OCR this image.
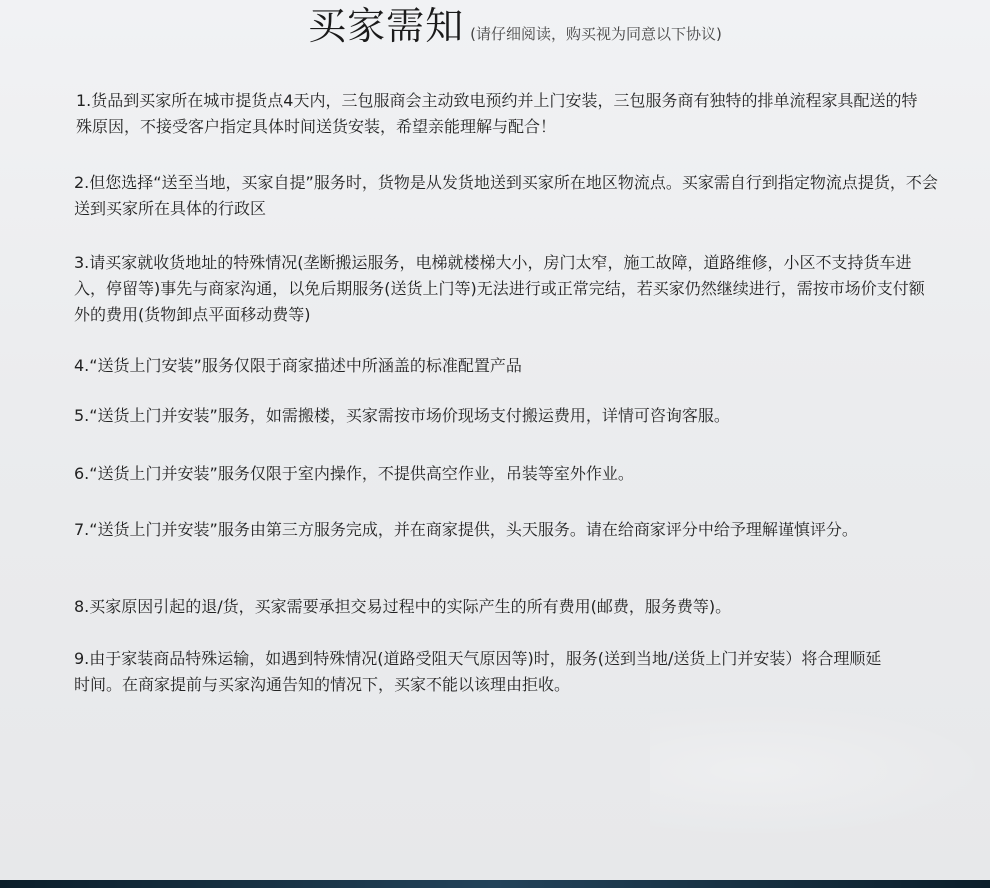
买家需知 (请仔细阅读，购买视为同意以下协议)
1.货品到买家所在城市提货点4天内，三包服商会主动致电预约并上门安装，三包服务商有独特的排单流程家具配送的特殊原因，不接受客户指定具体时间送货安装，希望亲能理解与配合！
2.但您选择“送至当地，买家自提”服务时，货物是从发货地送到买家所在地区物流点。买家需自行到指定物流点提货，不会送到买家所在具体的行政区
3.请买家就收货地址的特殊情况(垄断搬运服务，电梯就楼梯大小，房门太窄，施工故障，道路维修，小区不支持货车进入，停留等)事先与商家沟通，以免后期服务(送货上门等)无法进行或正常完结，若买家仍然继续进行，需按市场价支付额外的费用(货物卸点平面移动费等)
4.“送货上门安装”服务仅限于商家描述中所涵盖的标准配置产品
5.“送货上门并安装”服务，如需搬楼，买家需按市场价现场支付搬运费用，详情可咨询客服。
6.“送货上门并安装”服务仅限于室内操作，不提供高空作业，吊装等室外作业。
7.“送货上门并安装”服务由第三方服务完成，并在商家提供，头天服务。请在给商家评分中给予理解谨慎评分。
8.买家原因引起的退/货，买家需要承担交易过程中的实际产生的所有费用(邮费，服务费等)。
9.由于家装商品特殊运输，如遇到特殊情况(道路受阻天气原因等)时，服务(送到当地/送货上门并安装）将合理顺延时间。在商家提前与买家沟通告知的情况下，买家不能以该理由拒收。
